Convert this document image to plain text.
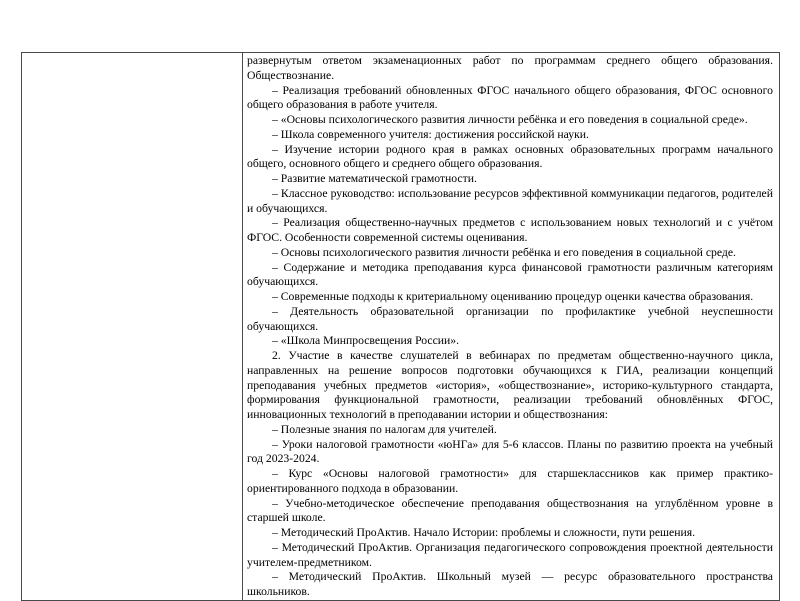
развернутым ответом экзаменационных работ по программам среднего общего образования. Обществознание.

– Реализация требований обновленных ФГОС начального общего образования, ФГОС основного общего образования в работе учителя.

– «Основы психологического развития личности ребёнка и его поведения в социальной среде».

– Школа современного учителя: достижения российской науки.

– Изучение истории родного края в рамках основных образовательных программ начального общего, основного общего и среднего общего образования.

– Развитие математической грамотности.

– Классное руководство: использование ресурсов эффективной коммуникации педагогов, родителей и обучающихся.

– Реализация общественно-научных предметов с использованием новых технологий и с учётом ФГОС. Особенности современной системы оценивания.

– Основы психологического развития личности ребёнка и его поведения в социальной среде.

– Содержание и методика преподавания курса финансовой грамотности различным категориям обучающихся.

– Современные подходы к критериальному оцениванию процедур оценки качества образования.

– Деятельность образовательной организации по профилактике учебной неуспешности обучающихся.

– «Школа Минпросвещения России».

2. Участие в качестве слушателей в вебинарах по предметам общественно-научного цикла, направленных на решение вопросов подготовки обучающихся к ГИА, реализации концепций преподавания учебных предметов «история», «обществознание», историко-культурного стандарта, формирования функциональной грамотности, реализации требований обновлённых ФГОС, инновационных технологий в преподавании истории и обществознания:

– Полезные знания по налогам для учителей.

– Уроки налоговой грамотности «юНГа» для 5-6 классов. Планы по развитию проекта на учебный год 2023-2024.

– Курс «Основы налоговой грамотности» для старшеклассников как пример практико-ориентированного подхода в образовании.

– Учебно-методическое обеспечение преподавания обществознания на углублённом уровне в старшей школе.

– Методический ПроАктив. Начало Истории: проблемы и сложности, пути решения.

– Методический ПроАктив. Организация педагогического сопровождения проектной деятельности учителем-предметником.

– Методический ПроАктив. Школьный музей — ресурс образовательного пространства школьников.
